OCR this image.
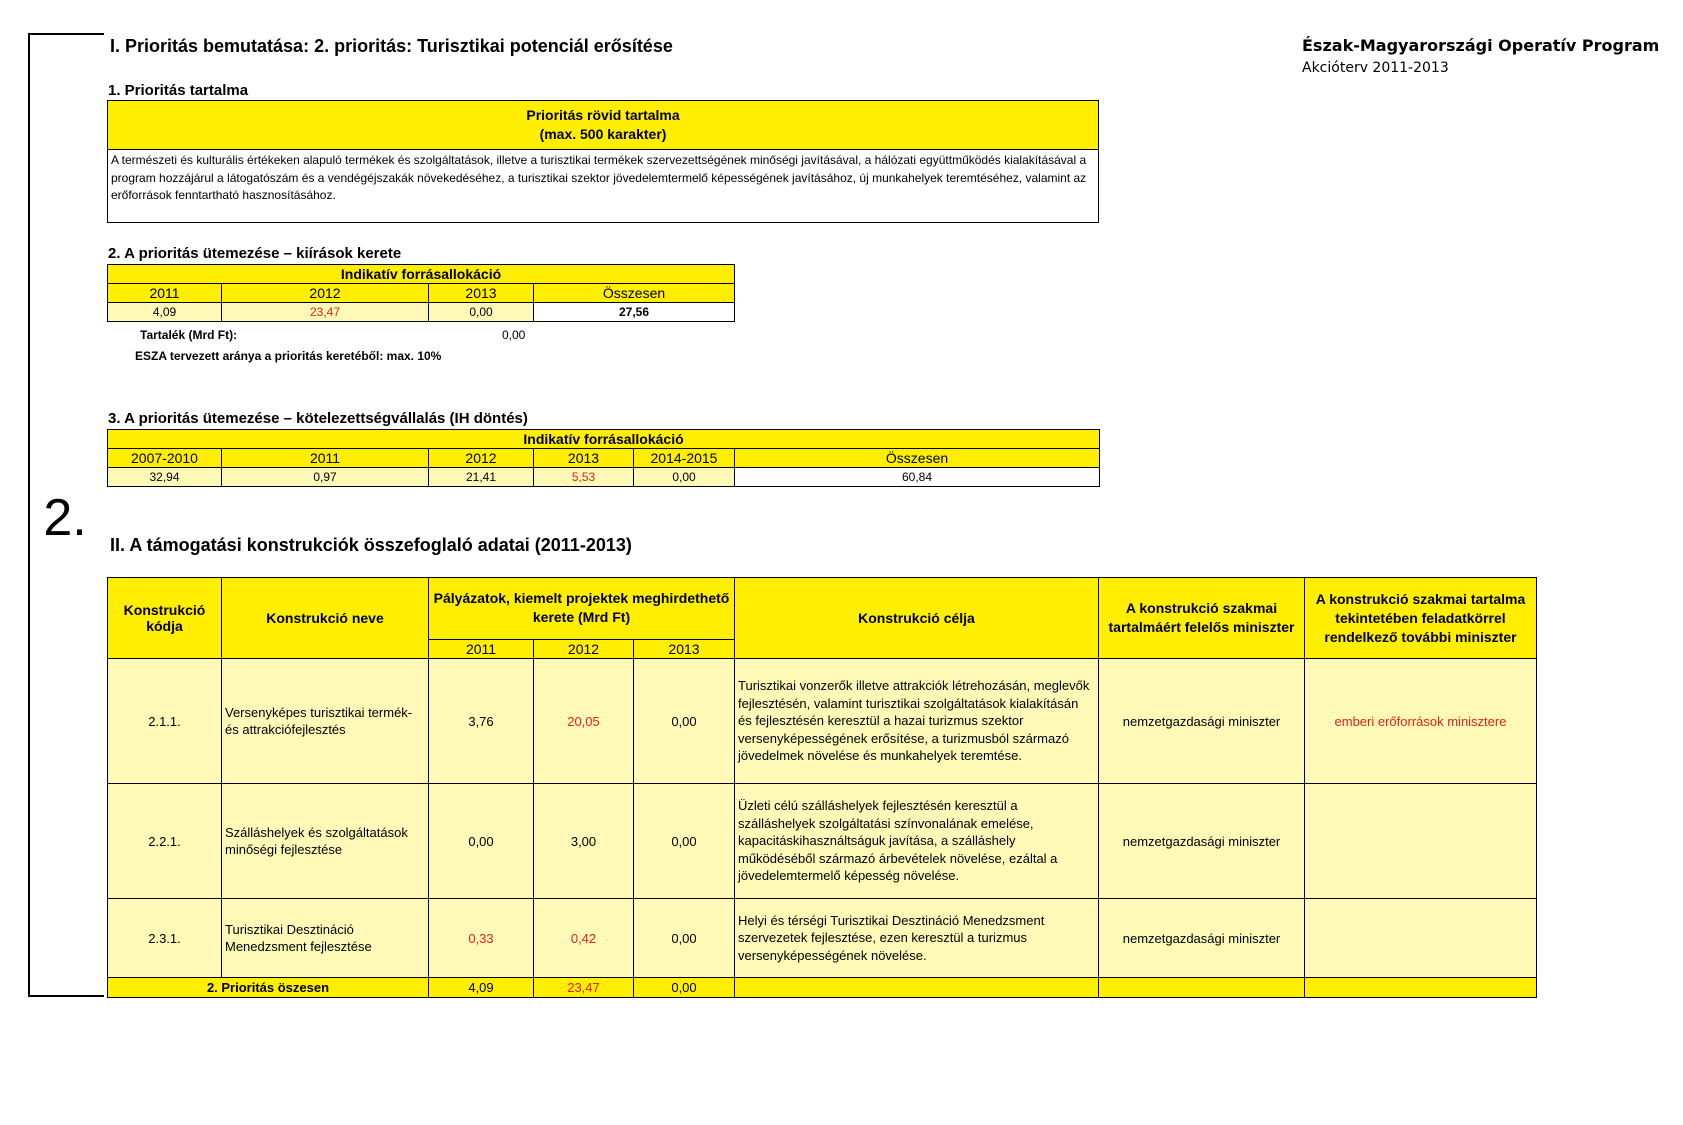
2.
I. Prioritás bemutatása: 2. prioritás: Turisztikai potenciál erősítése	Észak-Magyarországi Operatív Program
Akcióterv 2011-2013
1. Prioritás tartalma
Prioritás rövid tartalma
(max. 500 karakter)

A természeti és kulturális értékeken alapuló termékek és szolgáltatások, illetve a turisztikai termékek szervezettségének minőségi javításával, a hálózati együttműködés kialakításával a program hozzájárul a látogatószám és a vendégéjszakák növekedéséhez, a turisztikai szektor jövedelemtermelő képességének javításához, új munkahelyek teremtéséhez, valamint az erőforrások fenntartható hasznosításához.
2. A prioritás ütemezése – kiírások kerete
Indikatív forrásallokáció			
2011	2012	2013	Összesen
4,09	23,47	0,00	27,56
Tartalék (Mrd Ft):	0,00
ESZA tervezett aránya a prioritás keretéből: max. 10%
3. A prioritás ütemezése – kötelezettségvállalás (IH döntés)
Indikatív forrásallokáció					
2007-2010	2011	2012	2013	2014-2015	Összesen
32,94	0,97	21,41	5,53	0,00	60,84
II. A támogatási konstrukciók összefoglaló adatai (2011-2013)
Konstrukció kódja	Konstrukció neve	Pályázatok, kiemelt projektek meghirdethető kerete (Mrd Ft)			Konstrukció célja	A konstrukció szakmai tartalmáért felelős miniszter	A konstrukció szakmai tartalma tekintetében feladatkörrel rendelkező további miniszter
		2011	2012	2013			
2.1.1.	Versenyképes turisztikai termék- és attrakciófejlesztés	3,76	20,05	0,00	Turisztikai vonzerők illetve attrakciók létrehozásán, meglevők fejlesztésén, valamint turisztikai szolgáltatások kialakításán és fejlesztésén keresztül a hazai turizmus szektor versenyképességének erősítése, a turizmusból származó jövedelmek növelése és munkahelyek teremtése.	nemzetgazdasági miniszter	emberi erőforrások minisztere
2.2.1.	Szálláshelyek és szolgáltatások minőségi fejlesztése	0,00	3,00	0,00	Üzleti célú szálláshelyek fejlesztésén keresztül a szálláshelyek szolgáltatási színvonalának emelése, kapacitáskihasználtságuk javítása, a szálláshely működéséből származó árbevételek növelése, ezáltal a jövedelemtermelő képesség növelése.	nemzetgazdasági miniszter	
2.3.1.	Turisztikai Desztináció Menedzsment fejlesztése	0,33	0,42	0,00	Helyi és térségi Turisztikai Desztináció Menedzsment szervezetek fejlesztése, ezen keresztül a turizmus versenyképességének növelése.	nemzetgazdasági miniszter	
2. Prioritás öszesen		4,09	23,47	0,00			
